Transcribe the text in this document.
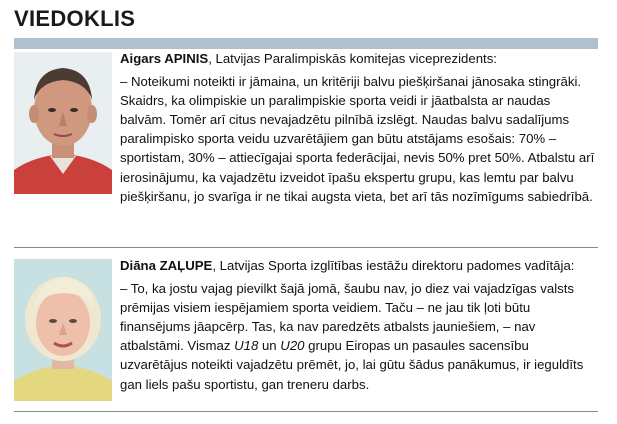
VIEDOKLIS

Aigars APINIS, Latvijas Paralimpiskās komitejas viceprezidents:
– Noteikumi noteikti ir jāmaina, un kritēriji balvu piešķiršanai jānosaka stingrāki. Skaidrs, ka olimpiskie un paralimpiskie sporta veidi ir jāatbalsta ar naudas balvām. Tomēr arī citus nevajadzētu pilnībā izslēgt. Naudas balvu sadalījums paralimpisko sporta veidu uzvarētājiem gan būtu atstājams esošais: 70% – sportistam, 30% – attiecīgajai sporta federācijai, nevis 50% pret 50%. Atbalstu arī ierosinājumu, ka vajadzētu izveidot īpašu ekspertu grupu, kas lemtu par balvu piešķiršanu, jo svarīga ir ne tikai augsta vieta, bet arī tās nozīmīgums sabiedrībā.

Diāna ZAĻUPE, Latvijas Sporta izglītības iestāžu direktoru padomes vadītāja:
– To, ka jostu vajag pievilkt šajā jomā, šaubu nav, jo diez vai vajadzīgas valsts prēmijas visiem iespējamiem sporta veidiem. Taču – ne jau tik ļoti būtu finansējums jāapcērp. Tas, ka nav paredzēts atbalsts jauniešiem, – nav atbalstāmi. Vismaz U18 un U20 grupu Eiropas un pasaules sacensību uzvarētājus noteikti vajadzētu prēmēt, jo, lai gūtu šādus panākumus, ir ieguldīts gan liels pašu sportistu, gan treneru darbs.
